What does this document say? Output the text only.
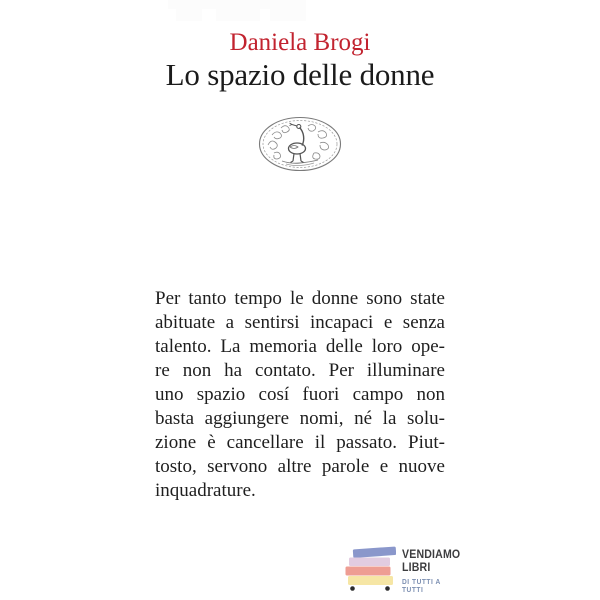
Daniela Brogi
Lo spazio delle donne
Per tanto tempo le donne sono state
abituate a sentirsi incapaci e senza
talento. La memoria delle loro ope-
re non ha contato. Per illuminare
uno spazio cosí fuori campo non
basta aggiungere nomi, né la solu-
zione è cancellare il passato. Piut-
tosto, servono altre parole e nuove
inquadrature.
VENDIAMO
LIBRI
DI TUTTI A TUTTI
